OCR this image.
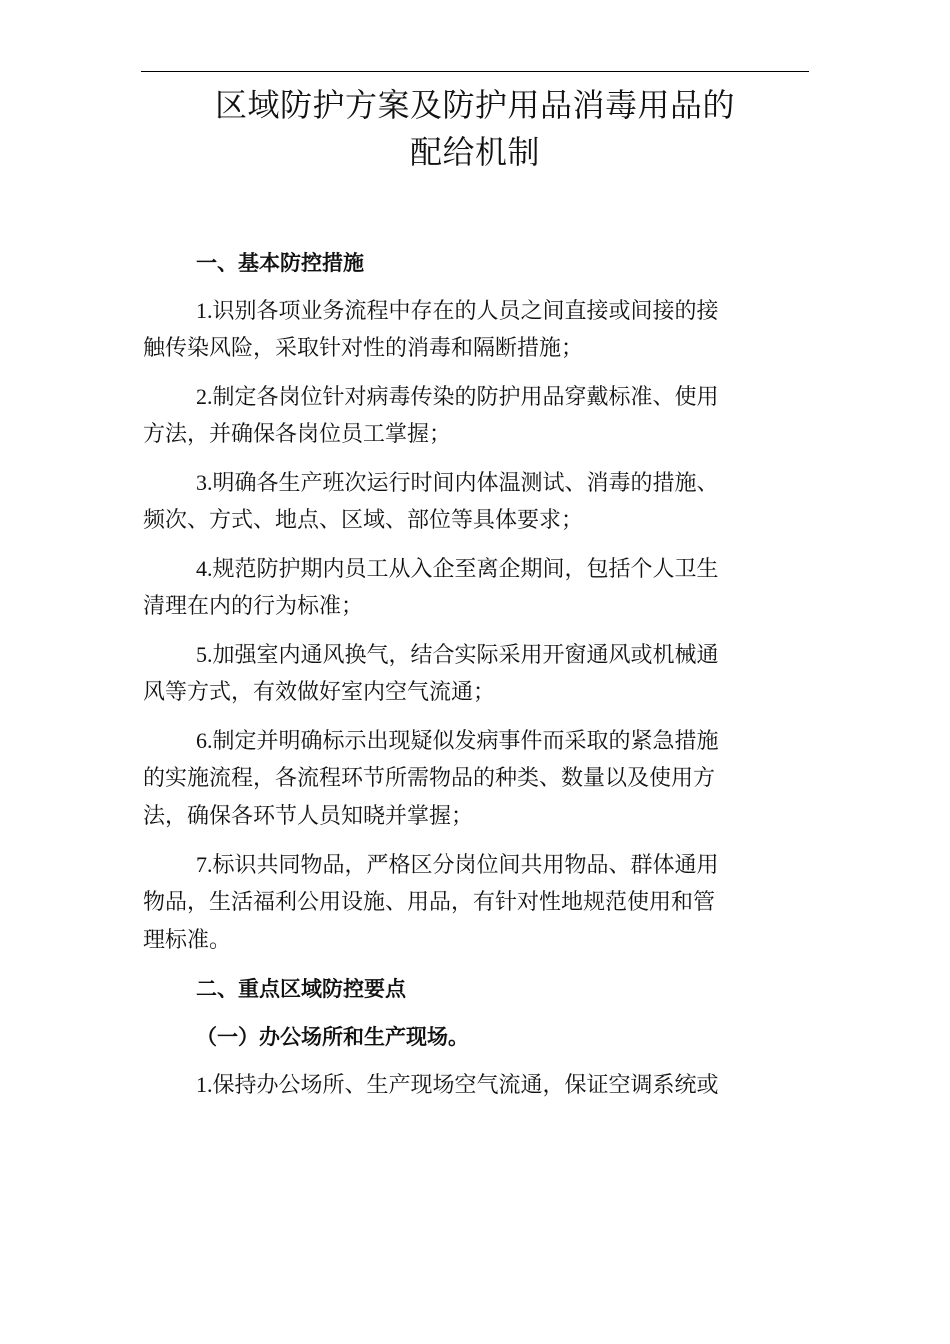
区域防护方案及防护用品消毒用品的
配给机制
一、基本防控措施
1.识别各项业务流程中存在的人员之间直接或间接的接
触传染风险，采取针对性的消毒和隔断措施；
2.制定各岗位针对病毒传染的防护用品穿戴标准、使用
方法，并确保各岗位员工掌握；
3.明确各生产班次运行时间内体温测试、消毒的措施、
频次、方式、地点、区域、部位等具体要求；
4.规范防护期内员工从入企至离企期间，包括个人卫生
清理在内的行为标准；
5.加强室内通风换气，结合实际采用开窗通风或机械通
风等方式，有效做好室内空气流通；
6.制定并明确标示出现疑似发病事件而采取的紧急措施
的实施流程，各流程环节所需物品的种类、数量以及使用方
法，确保各环节人员知晓并掌握；
7.标识共同物品，严格区分岗位间共用物品、群体通用
物品，生活福利公用设施、用品，有针对性地规范使用和管
理标准。
二、重点区域防控要点
（一）办公场所和生产现场。
1.保持办公场所、生产现场空气流通，保证空调系统或
